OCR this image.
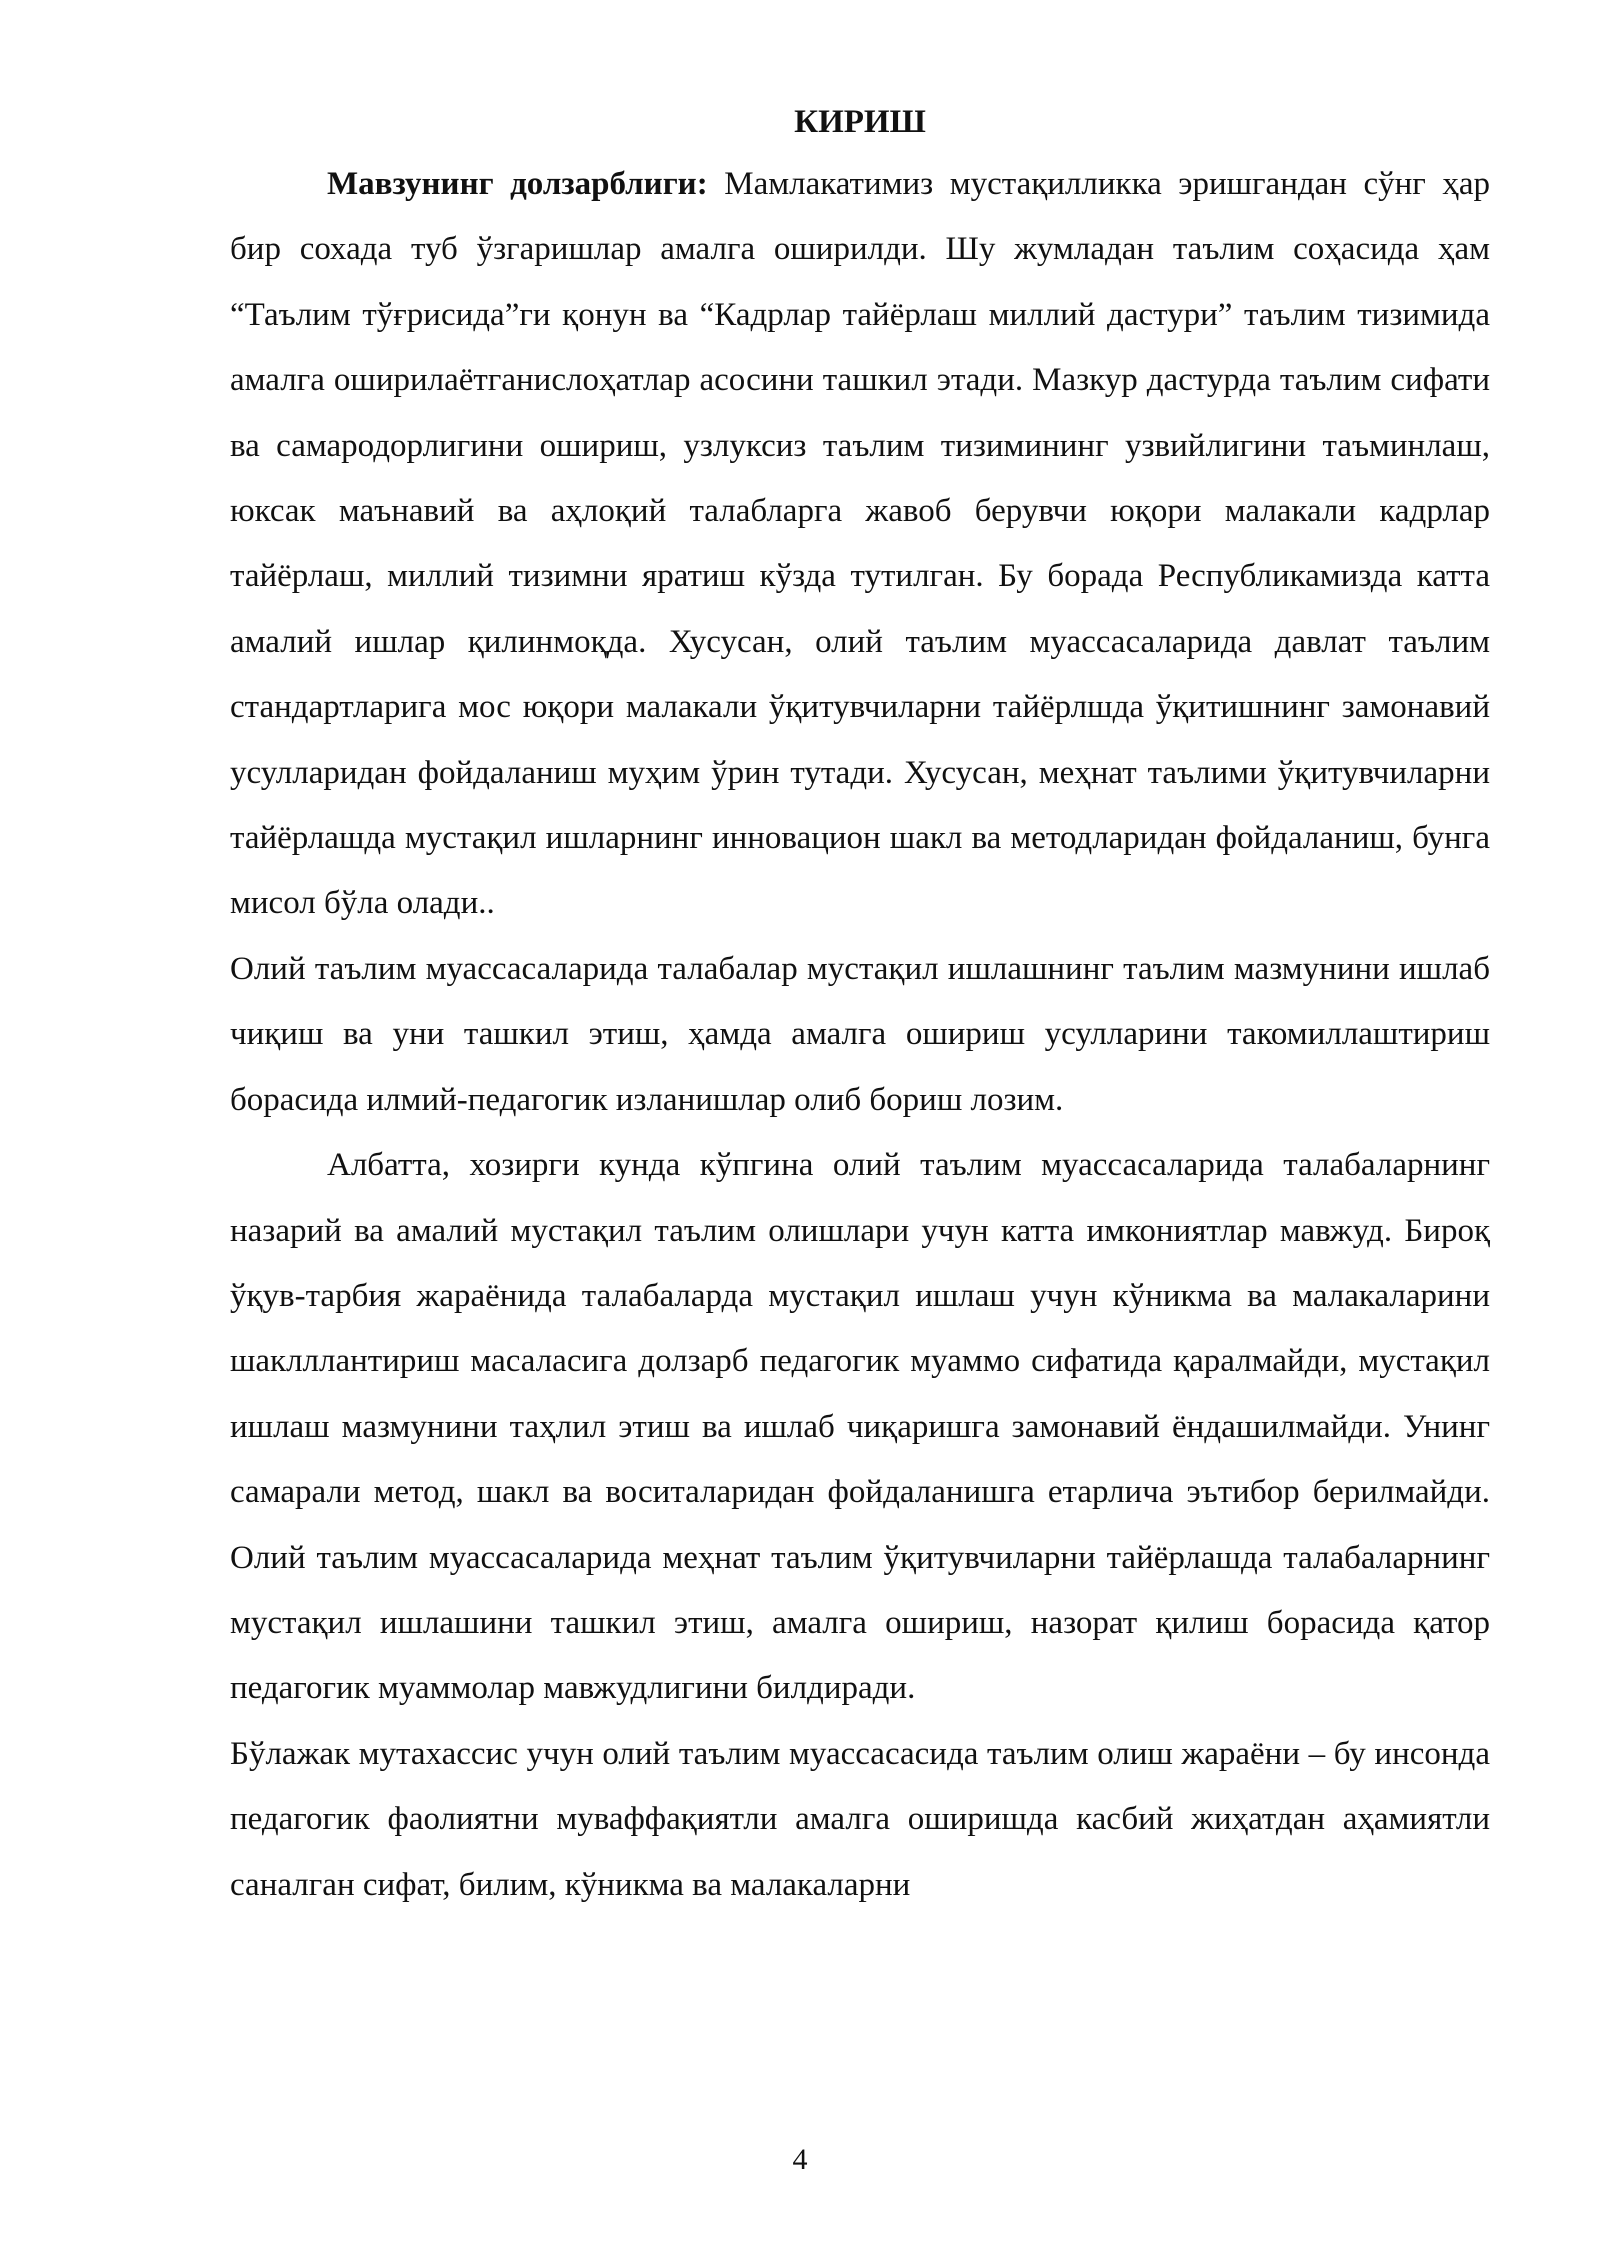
КИРИШ

Мавзунинг долзарблиги: Мамлакатимиз мустақилликка эришгандан сўнг ҳар бир сохада туб ўзгаришлар амалга оширилди. Шу жумладан таълим соҳасида ҳам “Таълим тўғрисида”ги қонун ва “Кадрлар тайёрлаш миллий дастури” таълим тизимида амалга оширилаётганислоҳатлар асосини ташкил этади. Мазкур дастурда таълим сифати ва самародорлигини ошириш, узлуксиз таълим тизимининг узвийлигини таъминлаш, юксак маънавий ва аҳлоқий талабларга жавоб берувчи юқори малакали кадрлар тайёрлаш, миллий тизимни яратиш кўзда тутилган. Бу борада Республикамизда катта амалий ишлар қилинмоқда. Хусусан, олий таълим муассасаларида давлат таълим стандартларига мос юқори малакали ўқитувчиларни тайёрлшда ўқитишнинг замонавий усулларидан фойдаланиш муҳим ўрин тутади. Хусусан, меҳнат таълими ўқитувчиларни тайёрлашда мустақил ишларнинг инновацион шакл ва методларидан фойдаланиш, бунга мисол бўла олади..

Олий таълим муассасаларида талабалар мустақил ишлашнинг таълим мазмунини ишлаб чиқиш ва уни ташкил этиш, ҳамда амалга ошириш усулларини такомиллаштириш борасида илмий-педагогик изланишлар олиб бориш лозим.

Албатта, хозирги кунда кўпгина олий таълим муассасаларида талабаларнинг назарий ва амалий мустақил таълим олишлари учун катта имкониятлар мавжуд. Бироқ ўқув-тарбия жараёнида талабаларда мустақил ишлаш учун кўникма ва малакаларини шаклллантириш масаласига долзарб педагогик муаммо сифатида қаралмайди, мустақил ишлаш мазмунини таҳлил этиш ва ишлаб чиқаришга замонавий ёндашилмайди. Унинг самарали метод, шакл ва воситаларидан фойдаланишга етарлича эътибор берилмайди. Олий таълим муассасаларида меҳнат таълим ўқитувчиларни тайёрлашда талабаларнинг мустақил ишлашини ташкил этиш, амалга ошириш, назорат қилиш борасида қатор педагогик муаммолар мавжудлигини билдиради.

Бўлажак мутахассис учун олий таълим муассасасида таълим олиш жараёни – бу инсонда педагогик фаолиятни муваффақиятли амалга оширишда касбий жиҳатдан аҳамиятли саналган сифат, билим, кўникма ва малакаларни

4
